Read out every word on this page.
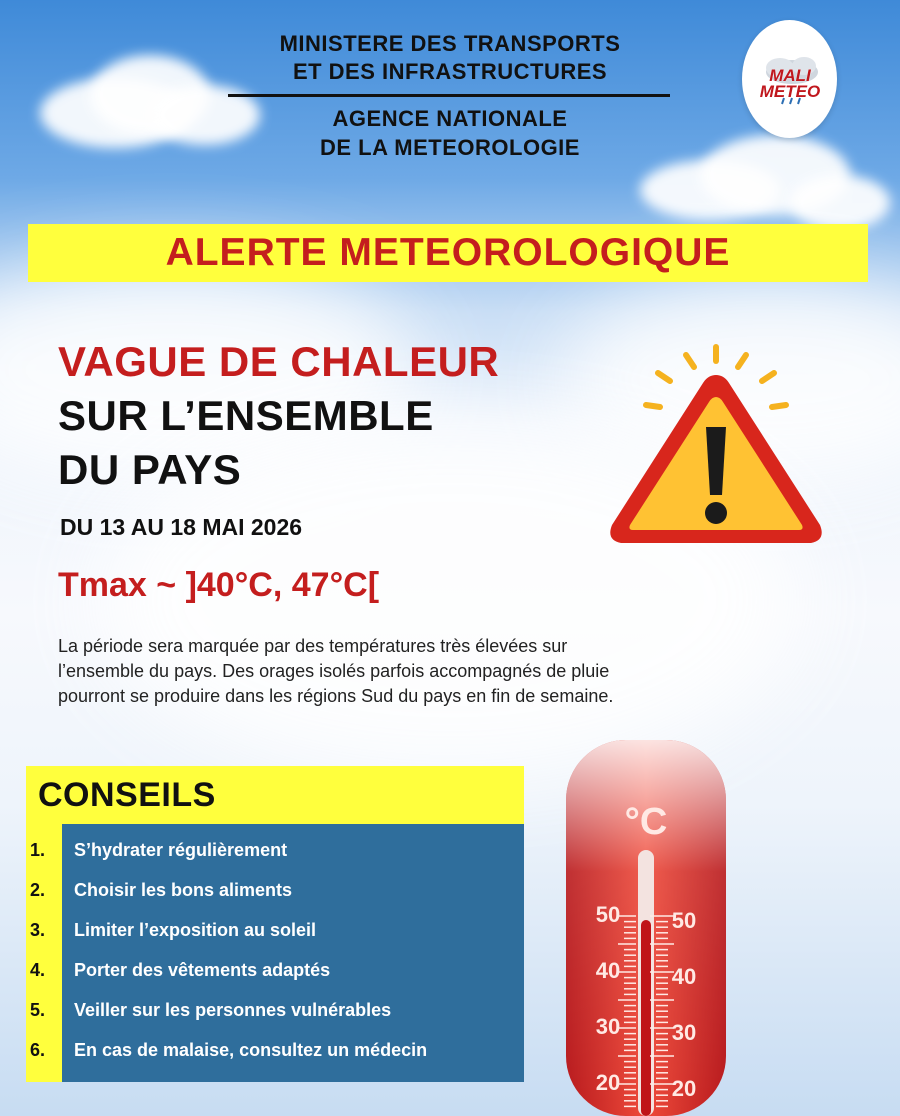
MINISTERE DES TRANSPORTS
ET DES INFRASTRUCTURES
AGENCE NATIONALE
DE LA METEOROLOGIE
MALI
METEO
ALERTE METEOROLOGIQUE
VAGUE DE CHALEUR
SUR L’ENSEMBLE
DU PAYS
DU 13 AU 18 MAI 2026
Tmax ~ ]40°C, 47°C[
La période sera marquée par des températures très élevées sur
l’ensemble du pays. Des orages isolés parfois accompagnés de pluie
pourront se produire dans les régions Sud du pays en fin de semaine.
CONSEILS
1.	S’hydrater régulièrement
2.	Choisir les bons aliments
3.	Limiter l’exposition au soleil
4.	Porter des vêtements adaptés
5.	Veiller sur les personnes vulnérables
6.	En cas de malaise, consultez un médecin
°C
50
40
30
20
50
40
30
20
